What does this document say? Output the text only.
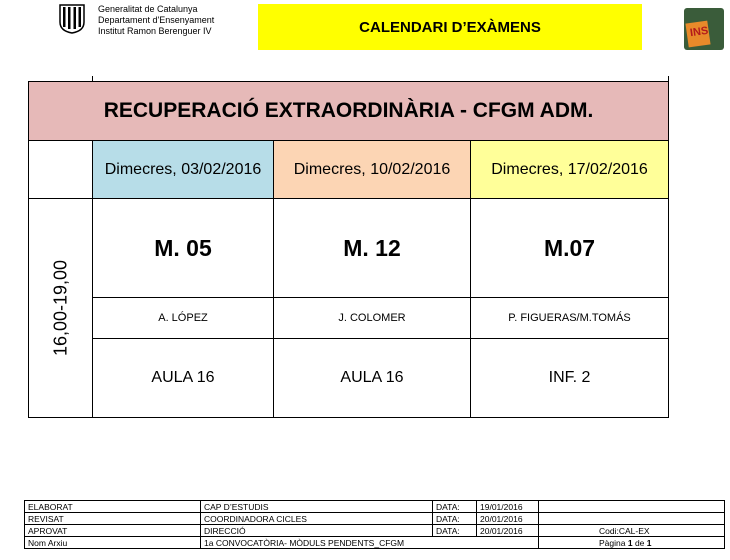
Generalitat de Catalunya
Departament d'Ensenyament
Institut Ramon Berenguer IV	CALENDARI D’EXÀMENS	INS
RECUPERACIÓ EXTRAORDINÀRIA - CFGM ADM.			
	Dimecres, 03/02/2016	Dimecres, 10/02/2016	Dimecres, 17/02/2016

16,00-19,00	M. 05	M. 12	M.07
	A. LÓPEZ	J. COLOMER	P. FIGUERAS/M.TOMÁS
	AULA 16	AULA 16	INF. 2
ELABORAT	CAP D’ESTUDIS	DATA:	19/01/2016	
REVISAT	COORDINADORA CICLES	DATA:	20/01/2016	
APROVAT	DIRECCIÓ	DATA:	20/01/2016	Codi:CAL-EX
Nom Arxiu	1a CONVOCATÒRIA- MÒDULS PENDENTS_CFGM			Pàgina 1 de 1
